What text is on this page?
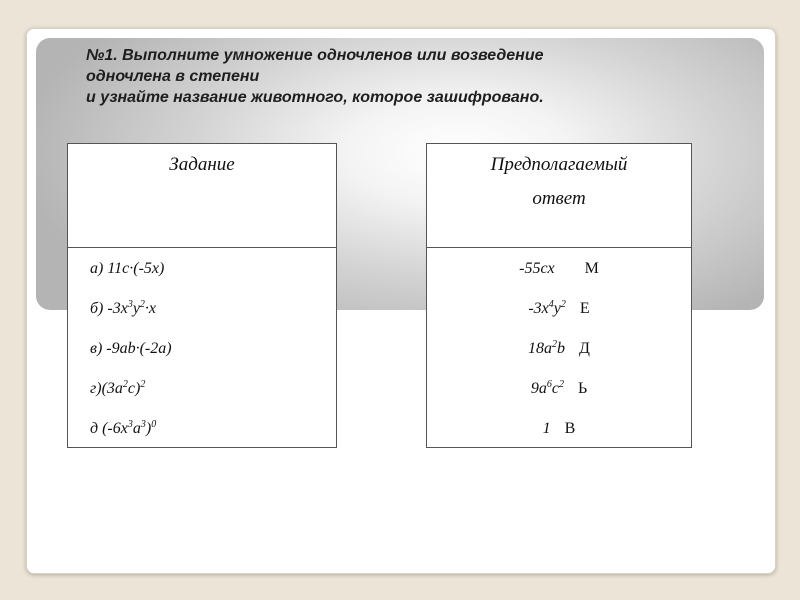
№1. Выполните умножение одночленов или возведение
одночлена в степени
и узнайте название животного, которое зашифровано.
Задание
а) 11c·(-5x)
б) $-3x^3y^2\cdot x$
в) -9ab·(-2a)
$г)(3a^2c)^2$
д $(-6x^3a^3)^0$
Предполагаемый
ответ
-55cx М
$-3x^4y^2$ Е
$18a^2b$ Д
$9a^6c^2$ Ь
1 В
